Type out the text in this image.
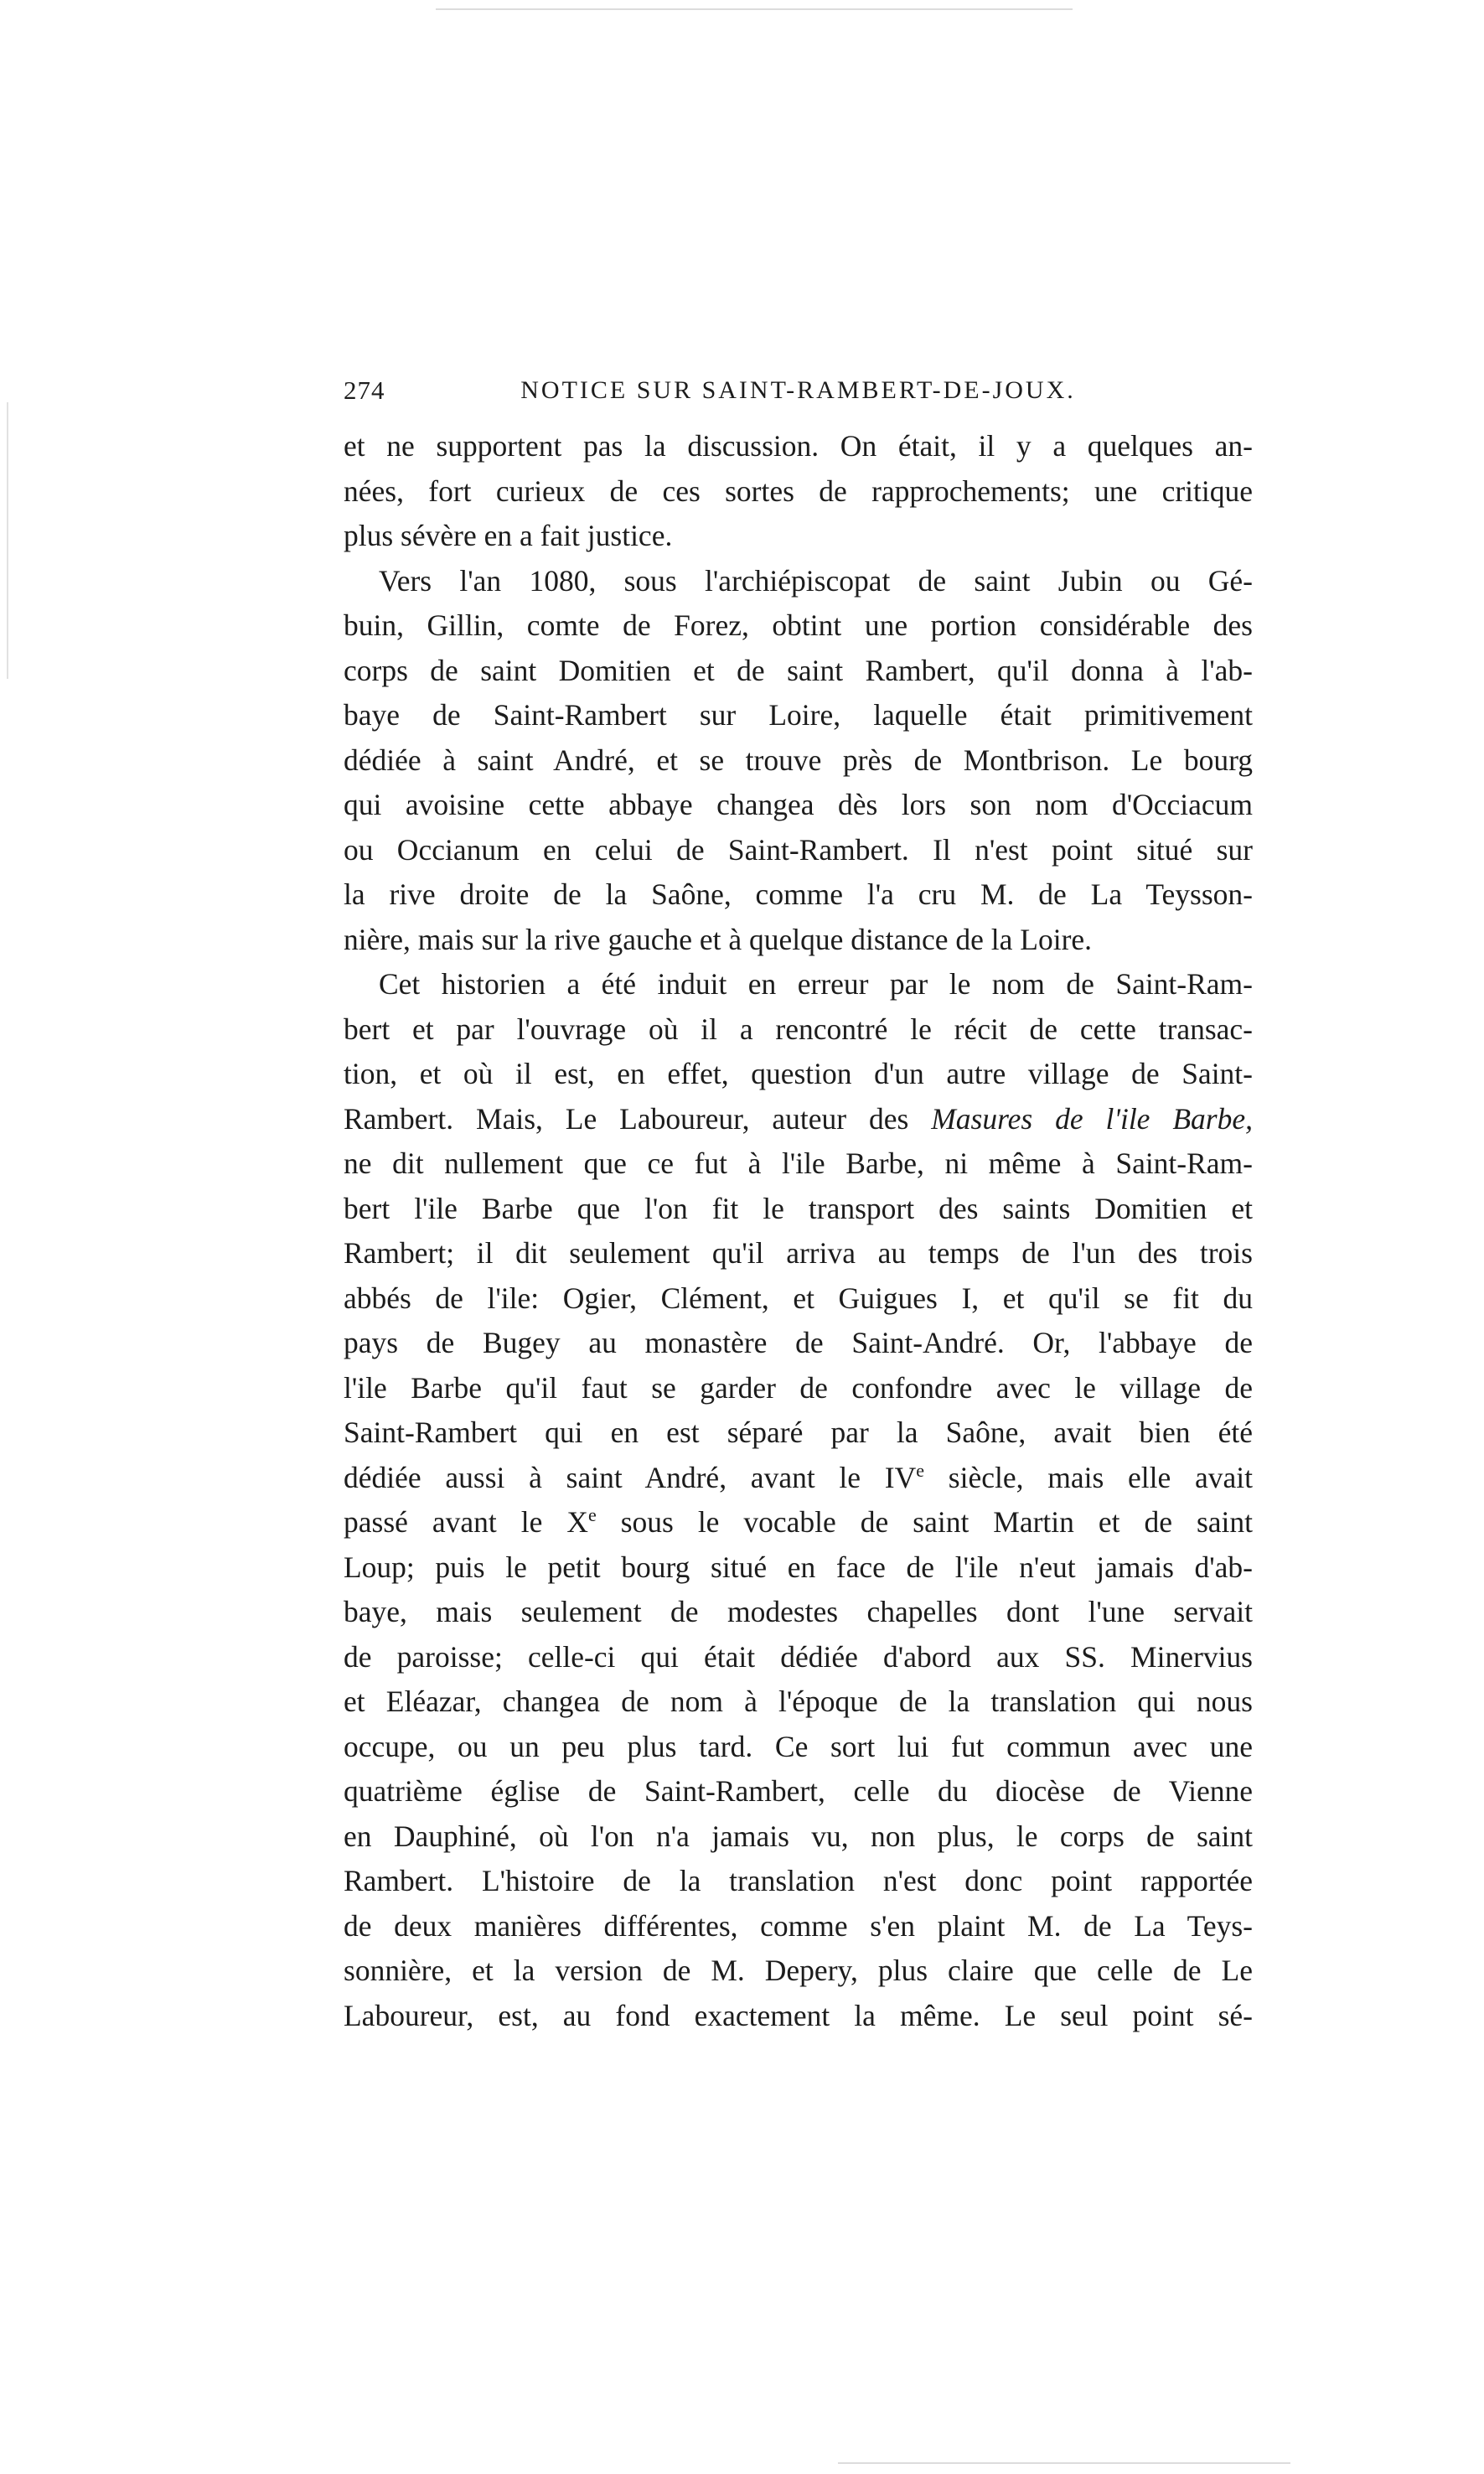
274	NOTICE SUR SAINT-RAMBERT-DE-JOUX.
et ne supportent pas la discussion. On était, il y a quelques an-
nées, fort curieux de ces sortes de rapprochements; une critique
plus sévère en a fait justice.
Vers l'an 1080, sous l'archiépiscopat de saint Jubin ou Gé-
buin, Gillin, comte de Forez, obtint une portion considérable des
corps de saint Domitien et de saint Rambert, qu'il donna à l'ab-
baye de Saint-Rambert sur Loire, laquelle était primitivement
dédiée à saint André, et se trouve près de Montbrison. Le bourg
qui avoisine cette abbaye changea dès lors son nom d'Occiacum
ou Occianum en celui de Saint-Rambert. Il n'est point situé sur
la rive droite de la Saône, comme l'a cru M. de La Teysson-
nière, mais sur la rive gauche et à quelque distance de la Loire.
Cet historien a été induit en erreur par le nom de Saint-Ram-
bert et par l'ouvrage où il a rencontré le récit de cette transac-
tion, et où il est, en effet, question d'un autre village de Saint-
Rambert. Mais, Le Laboureur, auteur des Masures de l'ile Barbe,
ne dit nullement que ce fut à l'ile Barbe, ni même à Saint-Ram-
bert l'ile Barbe que l'on fit le transport des saints Domitien et
Rambert; il dit seulement qu'il arriva au temps de l'un des trois
abbés de l'ile: Ogier, Clément, et Guigues I, et qu'il se fit du
pays de Bugey au monastère de Saint-André. Or, l'abbaye de
l'ile Barbe qu'il faut se garder de confondre avec le village de
Saint-Rambert qui en est séparé par la Saône, avait bien été
dédiée aussi à saint André, avant le IVe siècle, mais elle avait
passé avant le Xe sous le vocable de saint Martin et de saint
Loup; puis le petit bourg situé en face de l'ile n'eut jamais d'ab-
baye, mais seulement de modestes chapelles dont l'une servait
de paroisse; celle-ci qui était dédiée d'abord aux SS. Minervius
et Eléazar, changea de nom à l'époque de la translation qui nous
occupe, ou un peu plus tard. Ce sort lui fut commun avec une
quatrième église de Saint-Rambert, celle du diocèse de Vienne
en Dauphiné, où l'on n'a jamais vu, non plus, le corps de saint
Rambert. L'histoire de la translation n'est donc point rapportée
de deux manières différentes, comme s'en plaint M. de La Teys-
sonnière, et la version de M. Depery, plus claire que celle de Le
Laboureur, est, au fond exactement la même. Le seul point sé-
